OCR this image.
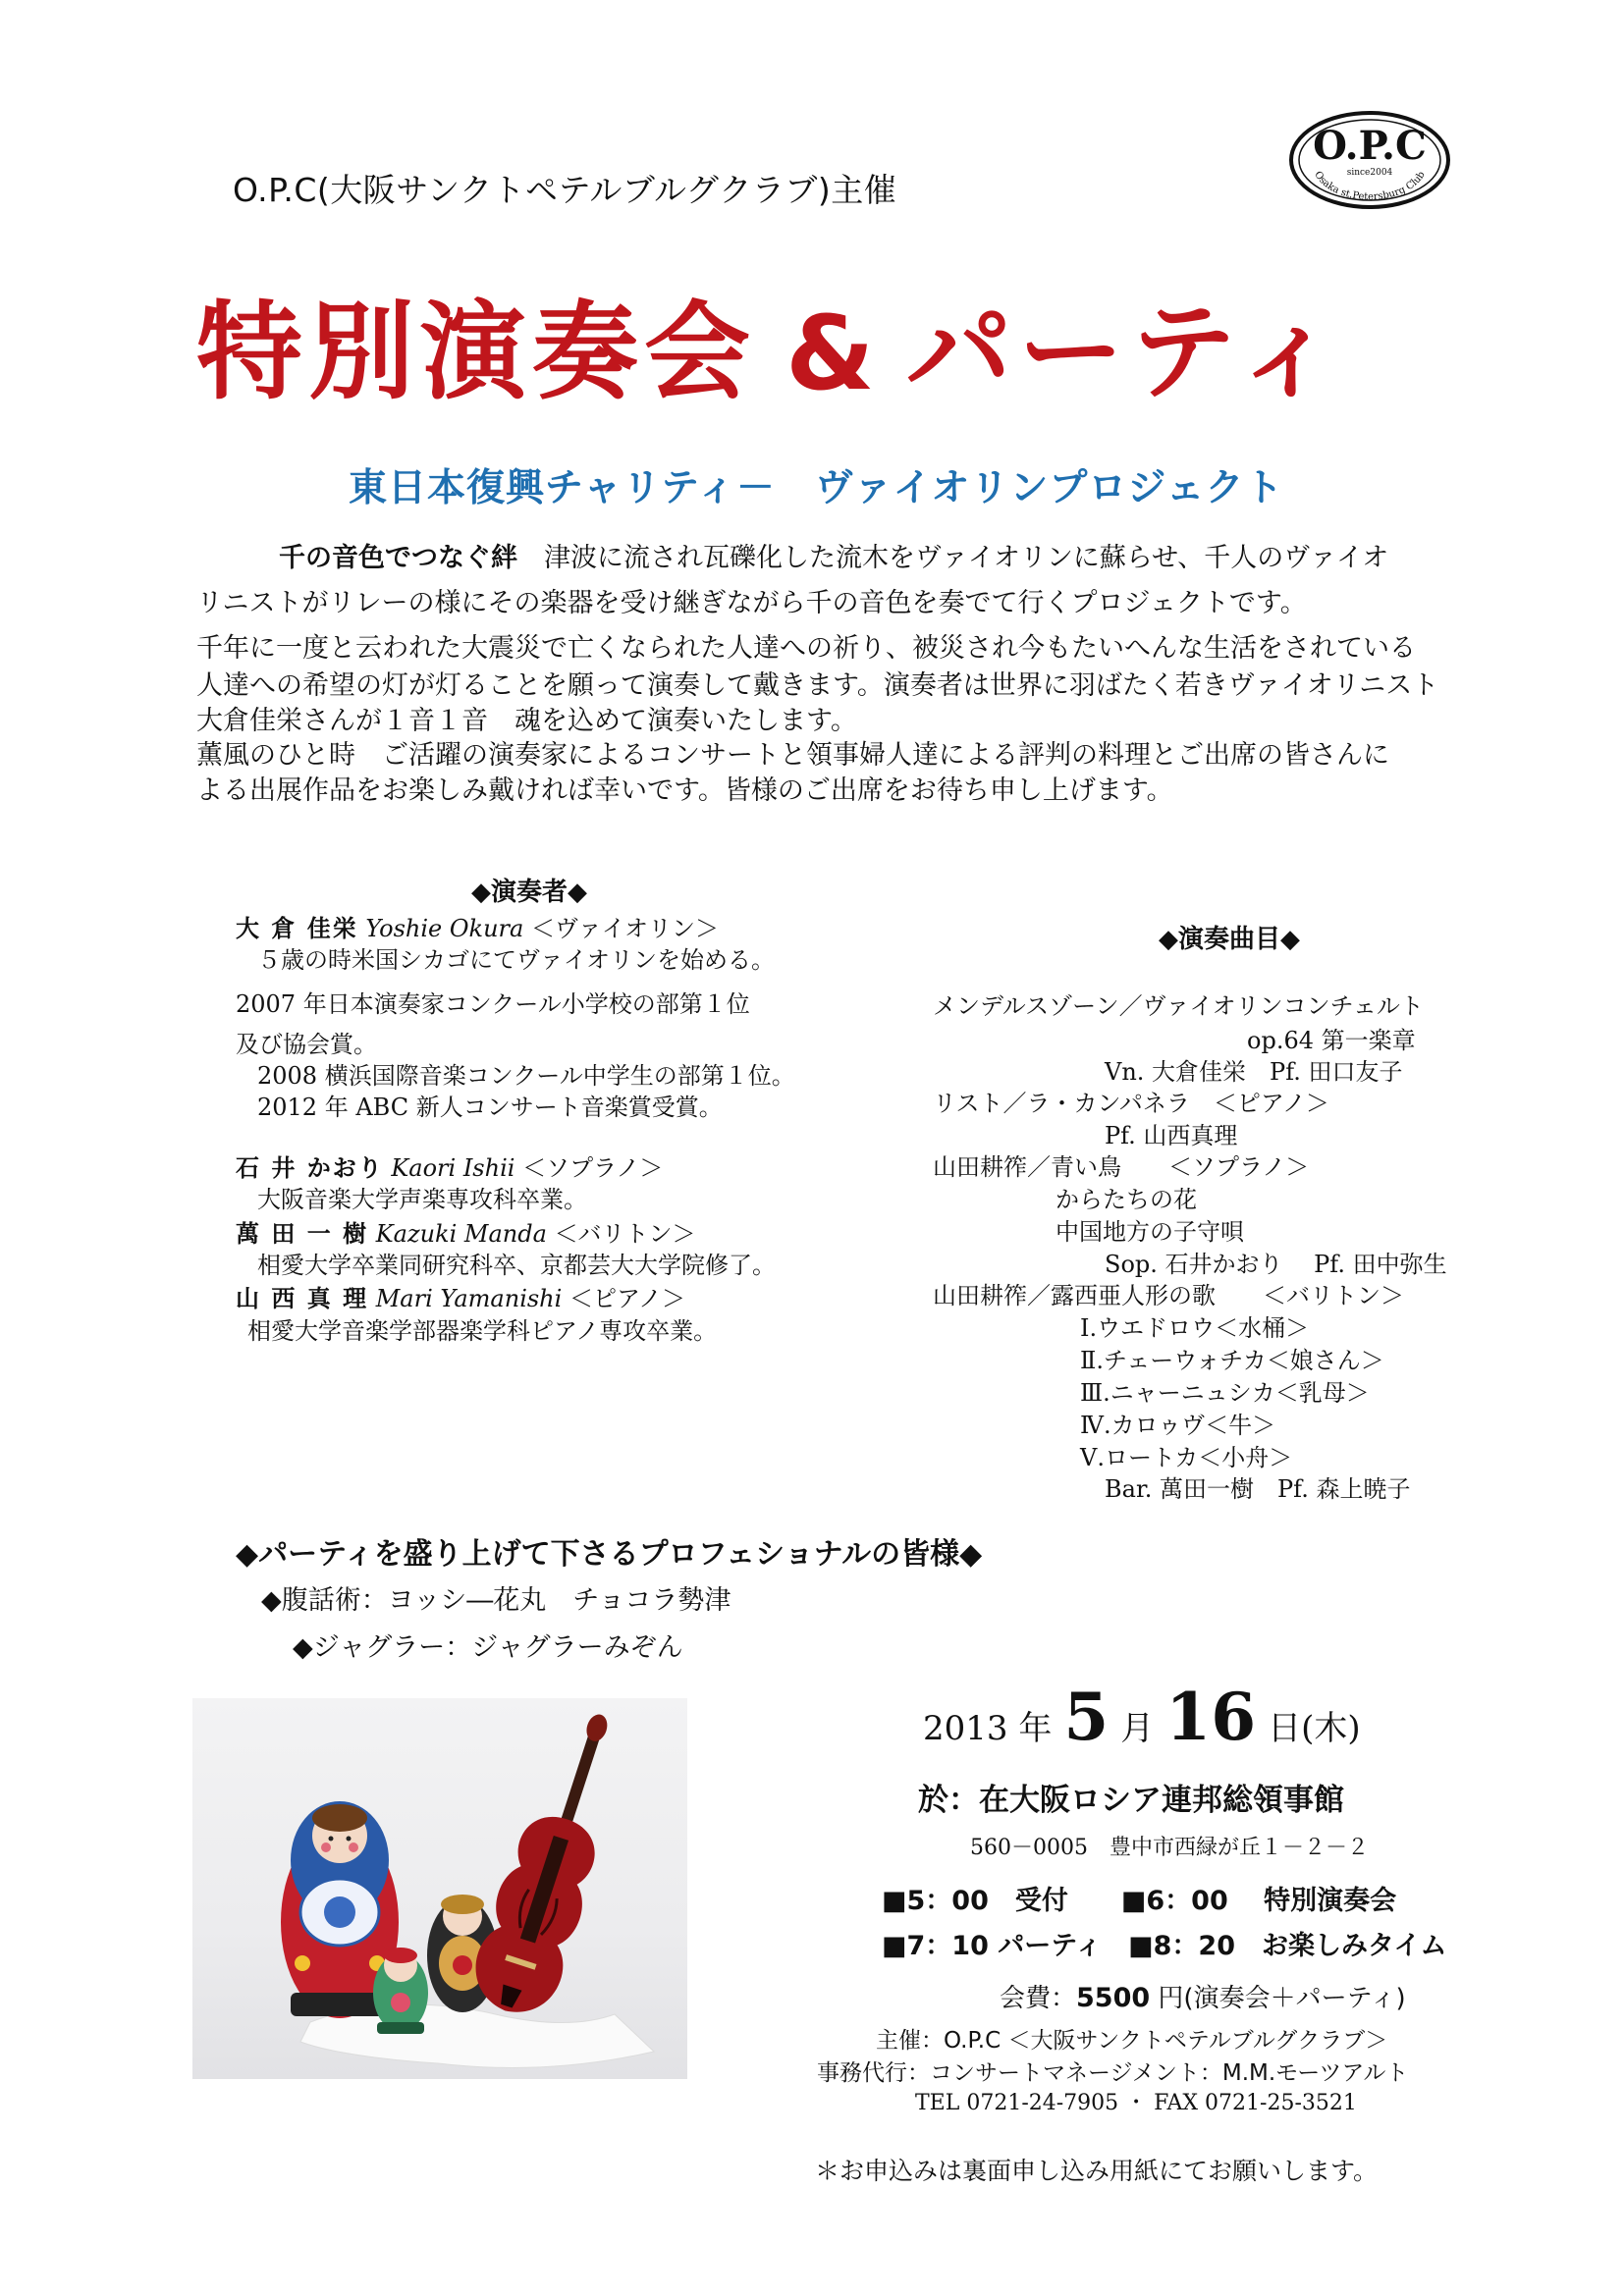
O.P.C(大阪サンクトペテルブルグクラブ)主催
O.P.C
since2004
Osaka st.Petersburg Club
特別演奏会 & パーティ
東日本復興チャリティ－　ヴァイオリンプロジェクト
千の音色でつなぐ絆　津波に流され瓦礫化した流木をヴァイオリンに蘇らせ、千人のヴァイオ
リニストがリレーの様にその楽器を受け継ぎながら千の音色を奏でて行くプロジェクトです。
千年に一度と云われた大震災で亡くなられた人達への祈り、被災され今もたいへんな生活をされている
人達への希望の灯が灯ることを願って演奏して戴きます。演奏者は世界に羽ばたく若きヴァイオリニスト
大倉佳栄さんが１音１音　魂を込めて演奏いたします。
薫風のひと時　ご活躍の演奏家によるコンサートと領事婦人達による評判の料理とご出席の皆さんに
よる出展作品をお楽しみ戴ければ幸いです。皆様のご出席をお待ち申し上げます。
◆演奏者◆
大 倉 佳栄 Yoshie Okura ＜ヴァイオリン＞
５歳の時米国シカゴにてヴァイオリンを始める。
2007 年日本演奏家コンクール小学校の部第１位
及び協会賞。
2008 横浜国際音楽コンクール中学生の部第１位。
2012 年 ABC 新人コンサート音楽賞受賞。
石 井 かおり Kaori Ishii ＜ソプラノ＞
大阪音楽大学声楽専攻科卒業。
萬 田 一 樹 Kazuki Manda ＜バリトン＞
相愛大学卒業同研究科卒、京都芸大大学院修了。
山 西 真 理 Mari Yamanishi ＜ピアノ＞
相愛大学音楽学部器楽学科ピアノ専攻卒業。
◆演奏曲目◆
メンデルスゾーン／ヴァイオリンコンチェルト
op.64 第一楽章
Vn. 大倉佳栄　Pf. 田口友子
リスト／ラ・カンパネラ　＜ピアノ＞
Pf. 山西真理
山田耕筰／青い鳥　　＜ソプラノ＞
からたちの花
中国地方の子守唄
Sop. 石井かおり　 Pf. 田中弥生
山田耕筰／露西亜人形の歌　　＜バリトン＞
Ⅰ.ウエドロウ＜水桶＞
Ⅱ.チェーウォチカ＜娘さん＞
Ⅲ.ニャーニュシカ＜乳母＞
Ⅳ.カロゥヴ＜牛＞
Ⅴ.ロートカ＜小舟＞
Bar. 萬田一樹　Pf. 森上暁子
◆パーティを盛り上げて下さるプロフェショナルの皆様◆
◆腹話術：ヨッシ―花丸　チョコラ勢津
◆ジャグラー：ジャグラーみぞん
2013 年 5 月 16 日(木)
於：在大阪ロシア連邦総領事館
560－0005　豊中市西緑が丘１－２－２
■5：00　受付　　■6：00　 特別演奏会
■7：10 パーティ　■8：20　お楽しみタイム
会費：5500 円(演奏会＋パーティ)
主催：O.P.C ＜大阪サンクトペテルブルグクラブ＞
事務代行：コンサートマネージメント：M.M.モーツアルト
TEL 0721-24-7905 ・ FAX 0721-25-3521
＊お申込みは裏面申し込み用紙にてお願いします。
